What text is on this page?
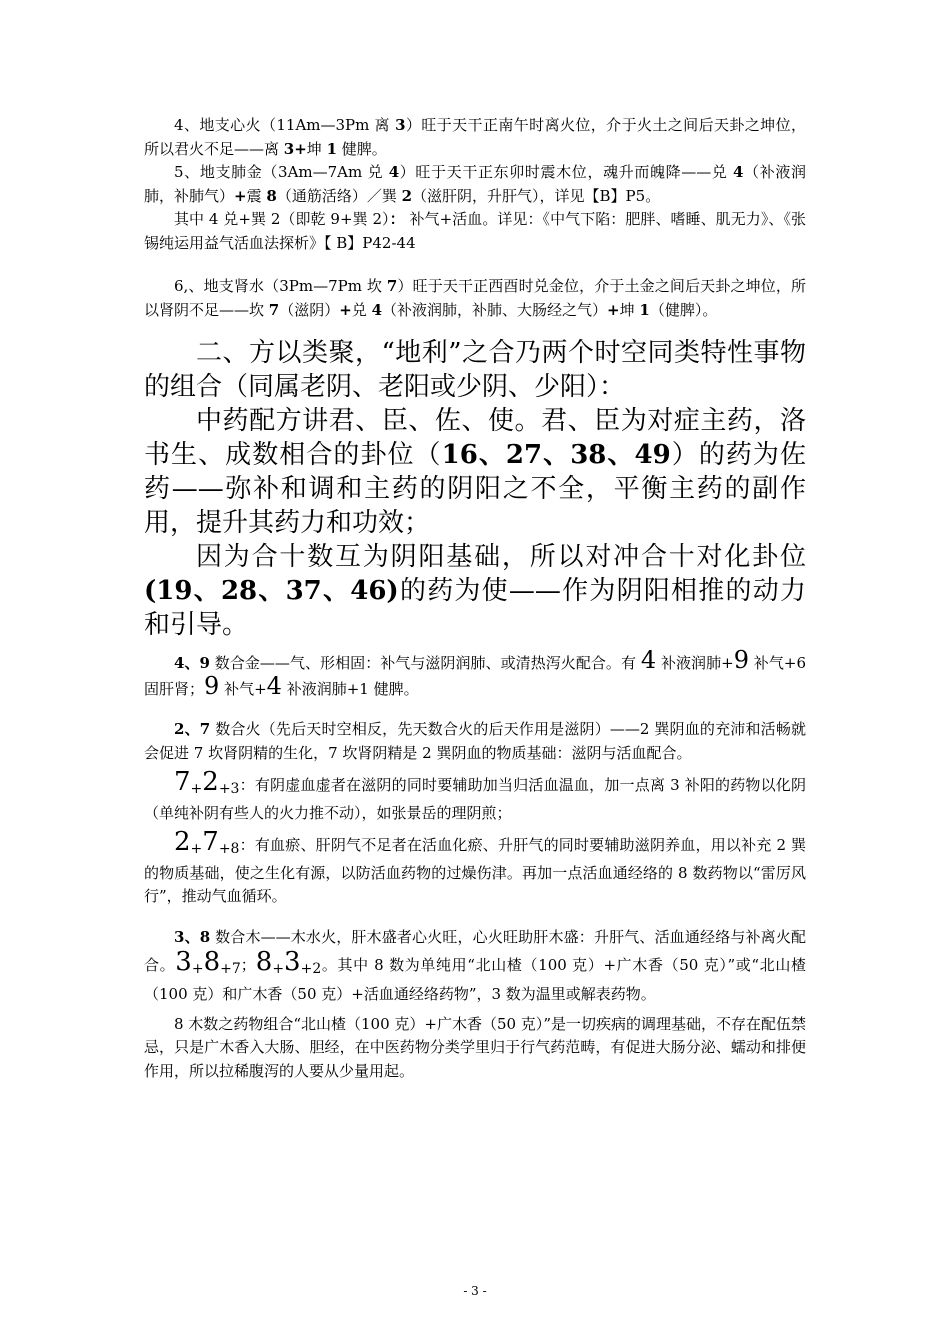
4、地支心火（11Am—3Pm 离 3）旺于天干正南午时离火位，介于火土之间后天卦之坤位，所以君火不足——离 3+坤 1 健脾。

5、地支肺金（3Am—7Am 兑 4）旺于天干正东卯时震木位，魂升而魄降——兑 4（补液润肺，补肺气）+震 8（通筋活络）／巽 2（滋肝阴，升肝气），详见【B】P5。

其中 4 兑+巽 2（即乾 9+巽 2）： 补气+活血。详见：《中气下陷：肥胖、嗜睡、肌无力》、《张锡纯运用益气活血法探析》【 B】P42-44

6,、地支肾水（3Pm—7Pm 坎 7）旺于天干正西酉时兑金位，介于土金之间后天卦之坤位，所以肾阴不足——坎 7（滋阴）+兑 4（补液润肺，补肺、大肠经之气）+坤 1（健脾）。

二、方以类聚，“地利”之合乃两个时空同类特性事物的组合（同属老阴、老阳或少阴、少阳）：

中药配方讲君、臣、佐、使。君、臣为对症主药，洛书生、成数相合的卦位（16、27、38、49）的药为佐药——弥补和调和主药的阴阳之不全，平衡主药的副作用，提升其药力和功效；

因为合十数互为阴阳基础，所以对冲合十对化卦位(19、28、37、46)的药为使——作为阴阳相推的动力和引导。

4、9 数合金——气、形相固：补气与滋阴润肺、或清热泻火配合。有 4 补液润肺+9 补气+6 固肝肾；9 补气+4 补液润肺+1 健脾。

2、7 数合火（先后天时空相反，先天数合火的后天作用是滋阴）——2 巽阴血的充沛和活畅就会促进 7 坎肾阴精的生化，7 坎肾阴精是 2 巽阴血的物质基础：滋阴与活血配合。

7+2+3：有阴虚血虚者在滋阴的同时要辅助加当归活血温血，加一点离 3 补阳的药物以化阴（单纯补阴有些人的火力推不动），如张景岳的理阴煎；

2+7+8：有血瘀、肝阴气不足者在活血化瘀、升肝气的同时要辅助滋阴养血，用以补充 2 巽的物质基础，使之生化有源，以防活血药物的过燥伤津。再加一点活血通经络的 8 数药物以“雷厉风行”，推动气血循环。

3、8 数合木——木水火，肝木盛者心火旺，心火旺助肝木盛：升肝气、活血通经络与补离火配合。3+8+7；8+3+2。其中 8 数为单纯用“北山楂（100 克）+广木香（50 克）”或“北山楂（100 克）和广木香（50 克）+活血通经络药物”，3 数为温里或解表药物。

8 木数之药物组合“北山楂（100 克）+广木香（50 克）”是一切疾病的调理基础，不存在配伍禁忌，只是广木香入大肠、胆经，在中医药物分类学里归于行气药范畴，有促进大肠分泌、蠕动和排便作用，所以拉稀腹泻的人要从少量用起。

- 3 -
